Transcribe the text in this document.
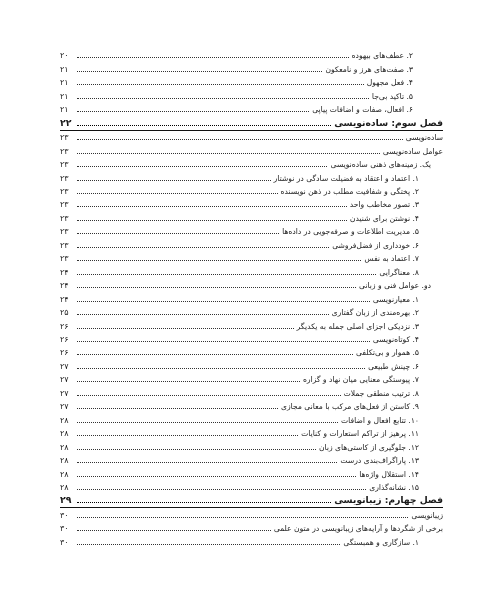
۲. عطف‌های بیهوده
۲۰
۳. صفت‌های هرز و نامعکون
۲۱
۴. فعل مجهول
۲۱
۵. تاکید بی‌جا
۲۱
۶. افعال، صفات و اضافات پیاپی
۲۱
فصل سوم: ساده‌نویسی
۲۲
ساده‌نویسی
۲۳
عوامل ساده‌نویسی
۲۳
یک. زمینه‌های ذهنی ساده‌نویسی
۲۳
۱. اعتماد و اعتقاد به فضیلت سادگی در نوشتار
۲۳
۲. پختگی و شفافیت مطلب در ذهن نویسنده
۲۳
۳. تصور مخاطب واحد
۲۳
۴. نوشتن برای شنیدن
۲۳
۵. مدیریت اطلاعات و صرفه‌جویی در داده‌ها
۲۳
۶. خودداری از فضل‌فروشی
۲۳
۷. اعتماد به نفس
۲۳
۸. معناگرایی
۲۴
دو. عوامل فنی و زبانی
۲۴
۱. معیارنویسی
۲۴
۲. بهره‌مندی از زبان گفتاری
۲۵
۳. نزدیکی اجزای اصلی جمله به یکدیگر
۲۶
۴. کوتاه‌نویسی
۲۶
۵. هموار و بی‌تکلفی
۲۶
۶. چینش طبیعی
۲۷
۷. پیوستگی معنایی میان نهاد و گزاره
۲۷
۸. ترتیب منطقی جملات
۲۷
۹. کاستن از فعل‌های مرکب با معانی مجازی
۲۷
۱۰. تتابع افعال و اضافات
۲۸
۱۱. پرهیز از تراکم استعارات و کنایات
۲۸
۱۲. جلوگیری از کاستی‌های زبان
۲۸
۱۳. پاراگراف‌بندی درست
۲۸
۱۴. استقلال واژه‌ها
۲۸
۱۵. نشانه‌گذاری
۲۸
فصل چهارم: زیبانویسی
۲۹
زیبانویسی
۳۰
برخی از شگردها و آرایه‌های زیبانویسی در متون علمی
۳۰
۱. سازگاری و همبستگی
۳۰
